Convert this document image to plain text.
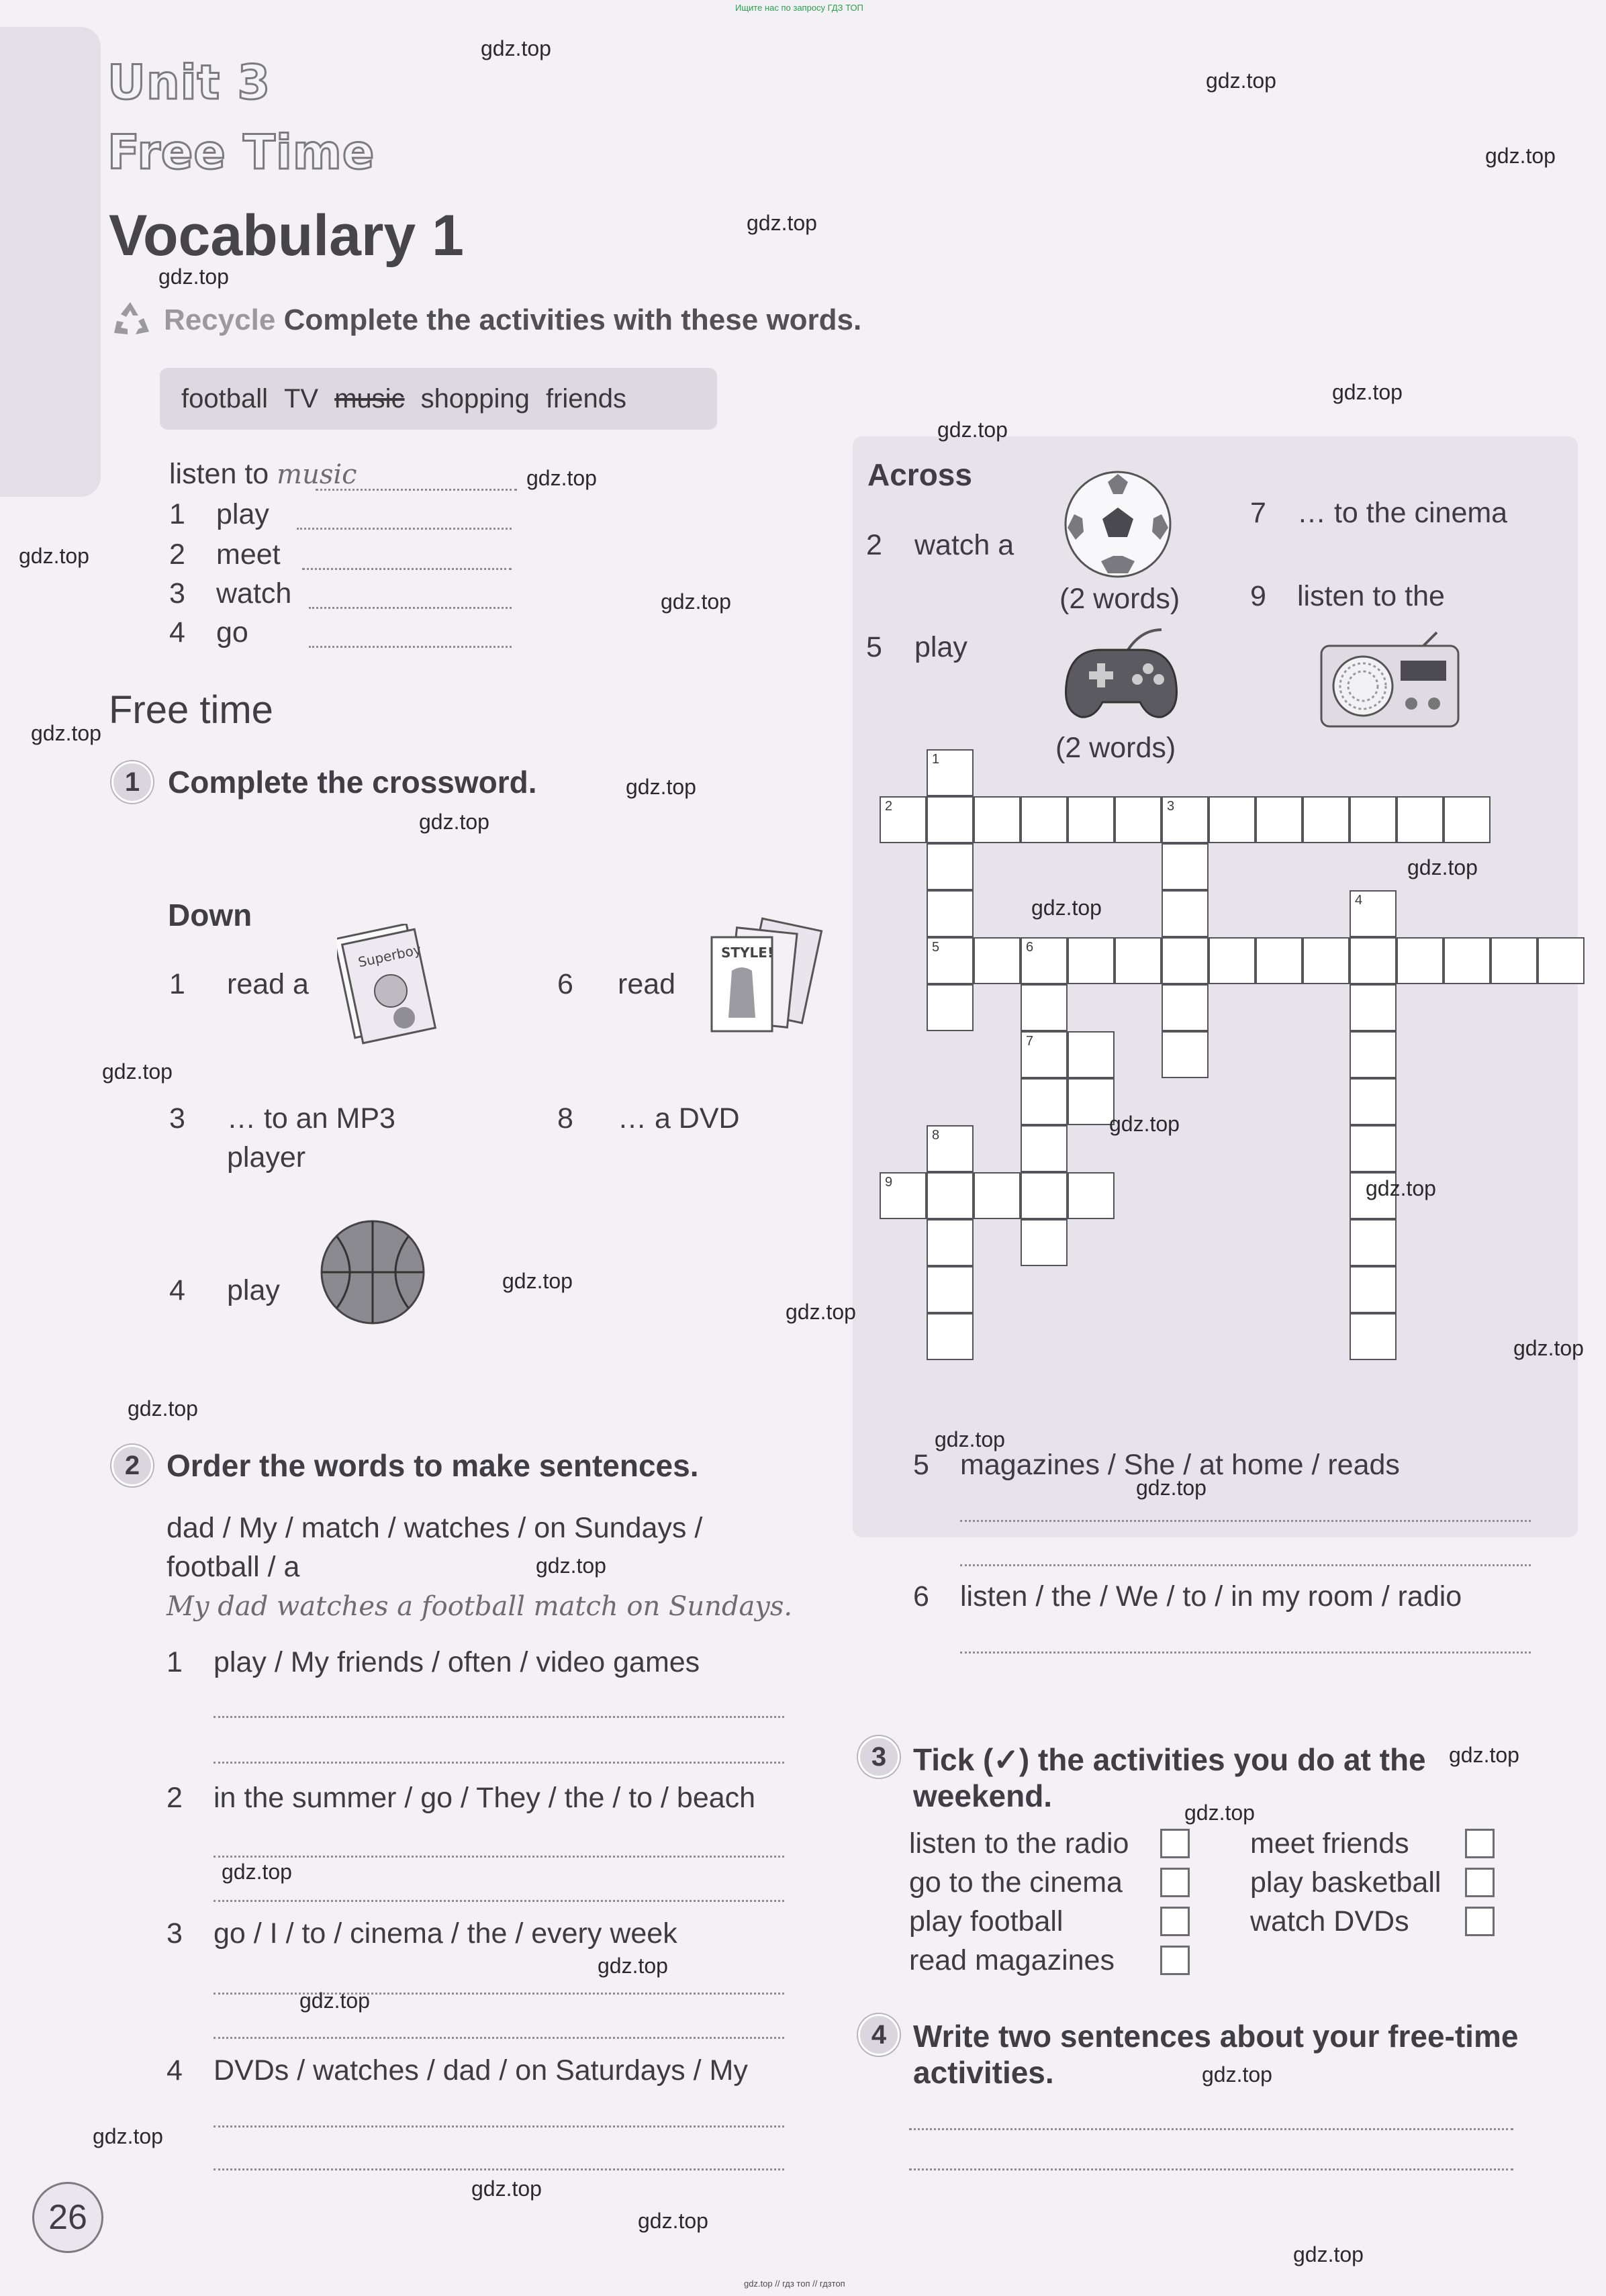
Ищите нас по запросу ГДЗ ТОП
Unit 3
Free Time
Vocabulary 1
Recycle Complete the activities with these words.
football TV music shopping friends
listen to music
1 play
2 meet
3 watch
4 go
Free time
1 Complete the crossword.
Down
1 read a
Superboy
6 read
STYLE!
3 … to an MP3
player
8 … a DVD
4 play
Across
2 watch a
(2 words)
7 … to the cinema
9 listen to the
5 play
(2 words)
1
2	3
4
5	6
7
8
9
2 Order the words to make sentences.
dad / My / match / watches / on Sundays /
football / a
My dad watches a football match on Sundays.
1 play / My friends / often / video games
2 in the summer / go / They / the / to / beach
3 go / I / to / cinema / the / every week
4 DVDs / watches / dad / on Saturdays / My
5 magazines / She / at home / reads
6 listen / the / We / to / in my room / radio
3 Tick (✓) the activities you do at the
weekend.
listen to the radio
go to the cinema
play football
read magazines
meet friends
play basketball
watch DVDs
4 Write two sentences about your free-time
activities.
26
gdz.top
gdz.top
gdz.top
gdz.top
gdz.top
gdz.top
gdz.top
gdz.top
gdz.top
gdz.top
gdz.top
gdz.top
gdz.top
gdz.top
gdz.top
gdz.top
gdz.top
gdz.top
gdz.top
gdz.top
gdz.top
gdz.top
gdz.top
gdz.top
gdz.top
gdz.top
gdz.top
gdz.top
gdz.top
gdz.top
gdz.top
gdz.top
gdz.top
gdz.top
gdz.top
gdz.top // гдз топ // гдзтоп
